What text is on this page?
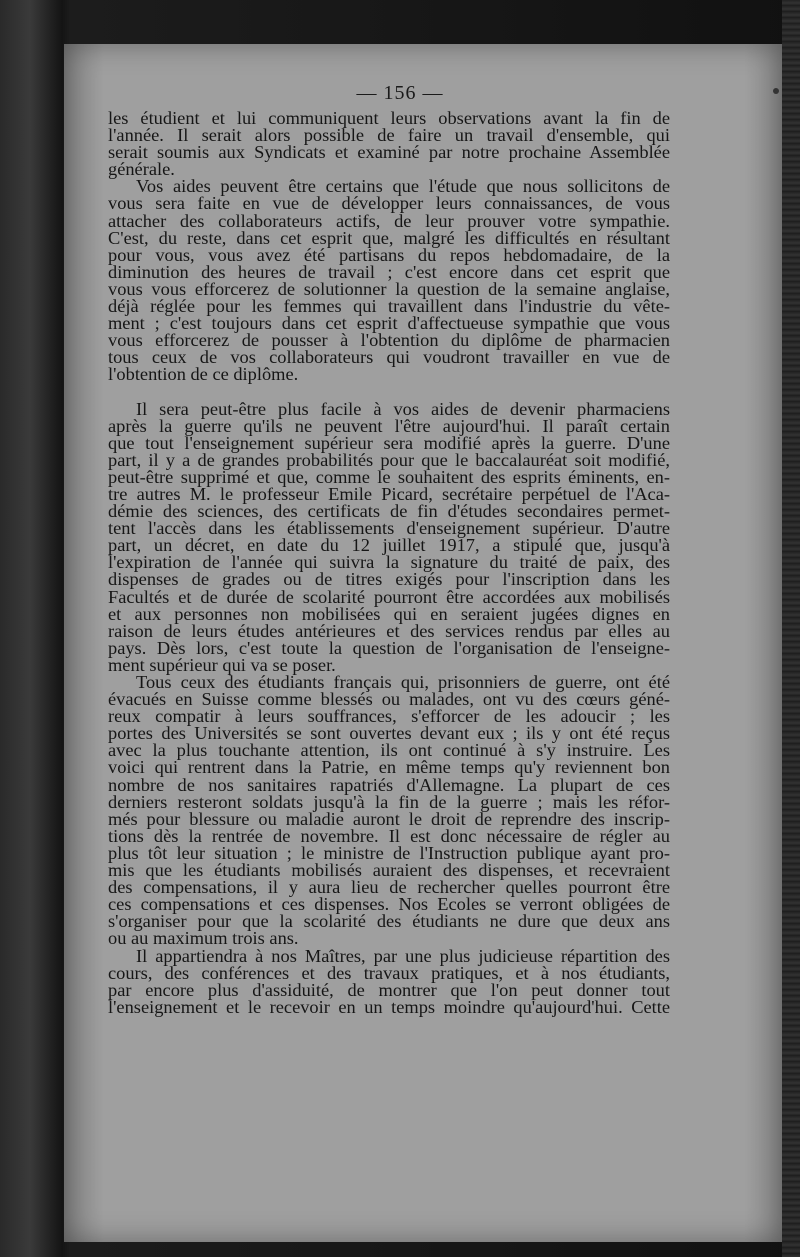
— 156 —
les étudient et lui communiquent leurs observations avant la fin de
l'année. Il serait alors possible de faire un travail d'ensemble, qui
serait soumis aux Syndicats et examiné par notre prochaine Assemblée
générale.
Vos aides peuvent être certains que l'étude que nous sollicitons de
vous sera faite en vue de développer leurs connaissances, de vous
attacher des collaborateurs actifs, de leur prouver votre sympathie.
C'est, du reste, dans cet esprit que, malgré les difficultés en résultant
pour vous, vous avez été partisans du repos hebdomadaire, de la
diminution des heures de travail ; c'est encore dans cet esprit que
vous vous efforcerez de solutionner la question de la semaine anglaise,
déjà réglée pour les femmes qui travaillent dans l'industrie du vête-
ment ; c'est toujours dans cet esprit d'affectueuse sympathie que vous
vous efforcerez de pousser à l'obtention du diplôme de pharmacien
tous ceux de vos collaborateurs qui voudront travailler en vue de
l'obtention de ce diplôme.
Il sera peut-être plus facile à vos aides de devenir pharmaciens
après la guerre qu'ils ne peuvent l'être aujourd'hui. Il paraît certain
que tout l'enseignement supérieur sera modifié après la guerre. D'une
part, il y a de grandes probabilités pour que le baccalauréat soit modifié,
peut-être supprimé et que, comme le souhaitent des esprits éminents, en-
tre autres M. le professeur Emile Picard, secrétaire perpétuel de l'Aca-
démie des sciences, des certificats de fin d'études secondaires permet-
tent l'accès dans les établissements d'enseignement supérieur. D'autre
part, un décret, en date du 12 juillet 1917, a stipulé que, jusqu'à
l'expiration de l'année qui suivra la signature du traité de paix, des
dispenses de grades ou de titres exigés pour l'inscription dans les
Facultés et de durée de scolarité pourront être accordées aux mobilisés
et aux personnes non mobilisées qui en seraient jugées dignes en
raison de leurs études antérieures et des services rendus par elles au
pays. Dès lors, c'est toute la question de l'organisation de l'enseigne-
ment supérieur qui va se poser.
Tous ceux des étudiants français qui, prisonniers de guerre, ont été
évacués en Suisse comme blessés ou malades, ont vu des cœurs géné-
reux compatir à leurs souffrances, s'efforcer de les adoucir ; les
portes des Universités se sont ouvertes devant eux ; ils y ont été reçus
avec la plus touchante attention, ils ont continué à s'y instruire. Les
voici qui rentrent dans la Patrie, en même temps qu'y reviennent bon
nombre de nos sanitaires rapatriés d'Allemagne. La plupart de ces
derniers resteront soldats jusqu'à la fin de la guerre ; mais les réfor-
més pour blessure ou maladie auront le droit de reprendre des inscrip-
tions dès la rentrée de novembre. Il est donc nécessaire de régler au
plus tôt leur situation ; le ministre de l'Instruction publique ayant pro-
mis que les étudiants mobilisés auraient des dispenses, et recevraient
des compensations, il y aura lieu de rechercher quelles pourront être
ces compensations et ces dispenses. Nos Ecoles se verront obligées de
s'organiser pour que la scolarité des étudiants ne dure que deux ans
ou au maximum trois ans.
Il appartiendra à nos Maîtres, par une plus judicieuse répartition des
cours, des conférences et des travaux pratiques, et à nos étudiants,
par encore plus d'assiduité, de montrer que l'on peut donner tout
l'enseignement et le recevoir en un temps moindre qu'aujourd'hui. Cette
